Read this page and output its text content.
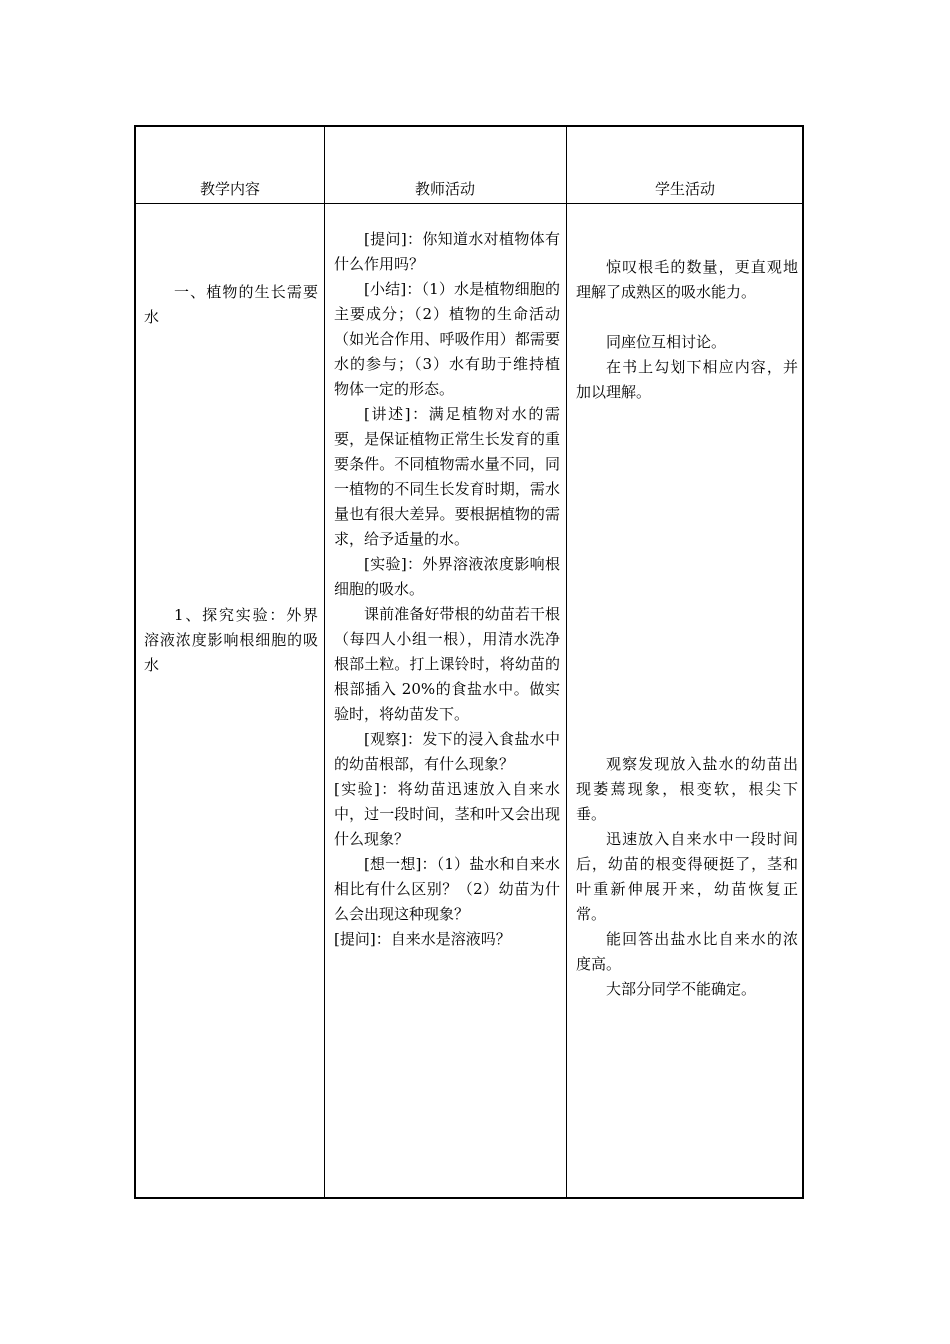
教学内容	教师活动	学生活动

一、植物的生长需要水

1、探究实验：外界溶液浓度影响根细胞的吸水

[提问]：你知道水对植物体有什么作用吗？

[小结]：（1）水是植物细胞的主要成分；（2）植物的生命活动（如光合作用、呼吸作用）都需要水的参与；（3）水有助于维持植物体一定的形态。

[讲述]：满足植物对水的需要，是保证植物正常生长发育的重要条件。不同植物需水量不同，同一植物的不同生长发育时期，需水量也有很大差异。要根据植物的需求，给予适量的水。

[实验]：外界溶液浓度影响根细胞的吸水。

课前准备好带根的幼苗若干根（每四人小组一根），用清水洗净根部土粒。打上课铃时，将幼苗的根部插入 20%的食盐水中。做实验时，将幼苗发下。

[观察]：发下的浸入食盐水中的幼苗根部，有什么现象？

[实验]：将幼苗迅速放入自来水中，过一段时间，茎和叶又会出现什么现象？

[想一想]：（1）盐水和自来水相比有什么区别？（2）幼苗为什么会出现这种现象？

[提问]：自来水是溶液吗？

惊叹根毛的数量，更直观地理解了成熟区的吸水能力。

同座位互相讨论。

在书上勾划下相应内容，并加以理解。

观察发现放入盐水的幼苗出现萎蔫现象，根变软，根尖下垂。

迅速放入自来水中一段时间后，幼苗的根变得硬挺了，茎和叶重新伸展开来，幼苗恢复正常。

能回答出盐水比自来水的浓度高。

大部分同学不能确定。
